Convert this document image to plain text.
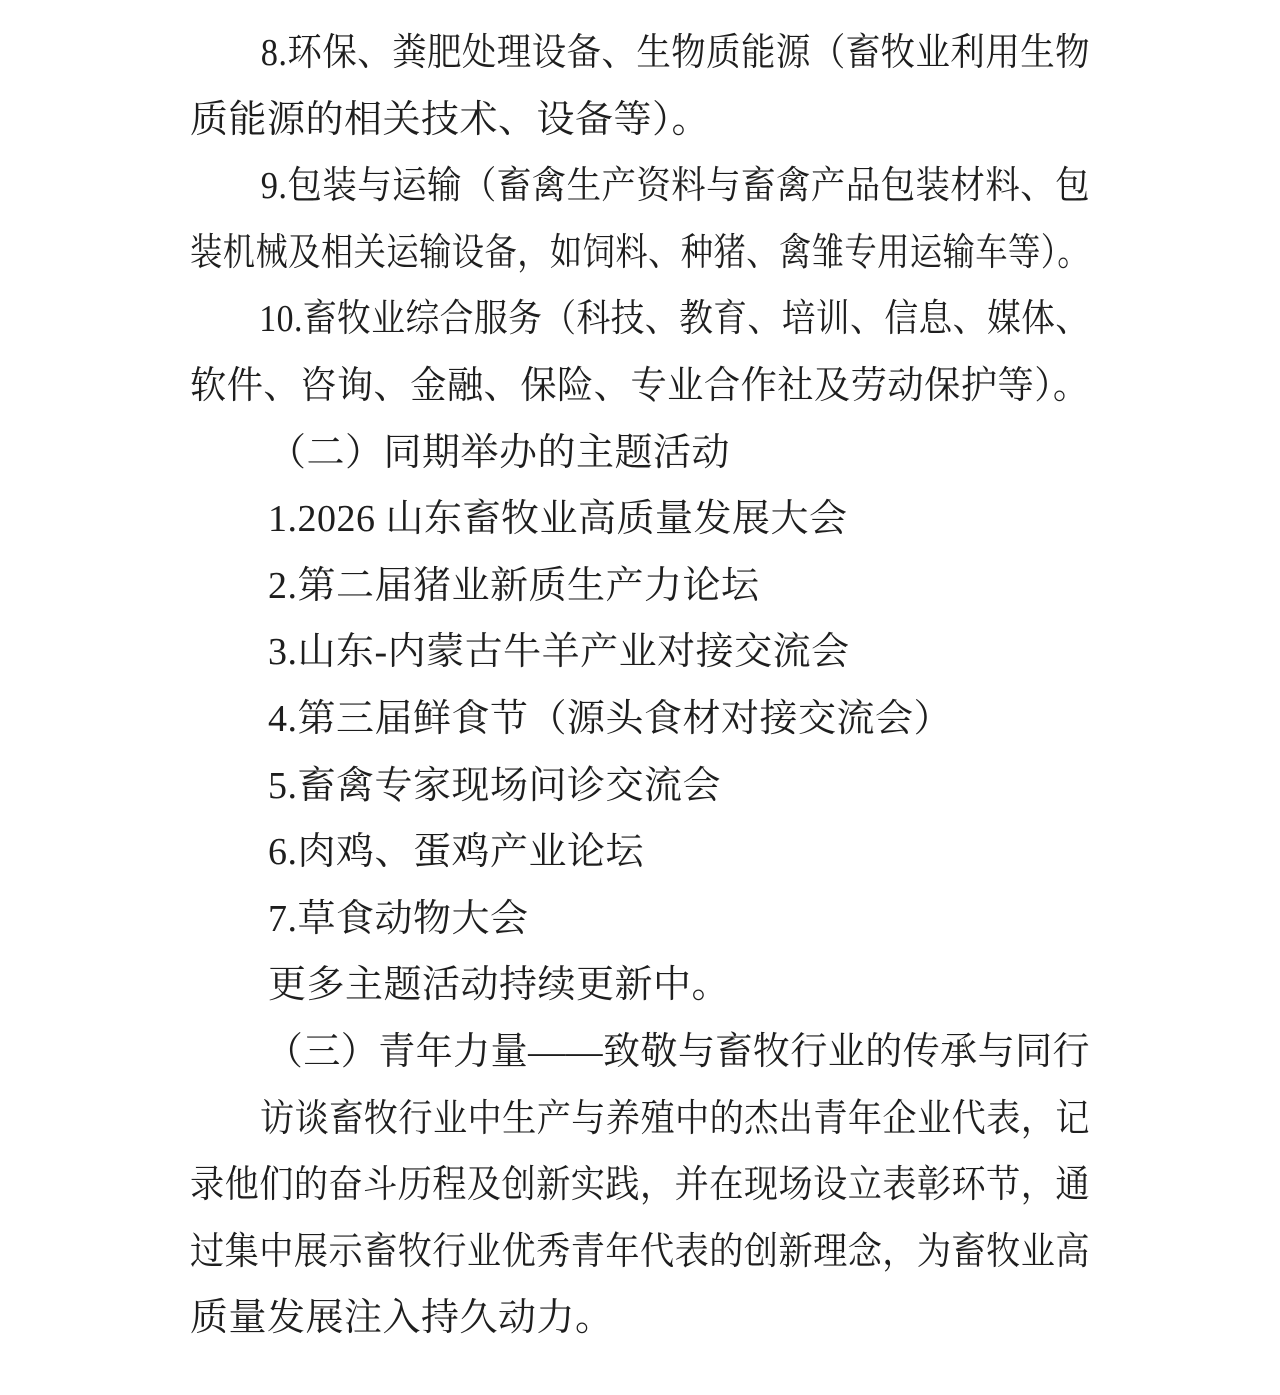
8.环保、粪肥处理设备、生物质能源（畜牧业利用生物
质能源的相关技术、设备等）。

9.包装与运输（畜禽生产资料与畜禽产品包装材料、包
装机械及相关运输设备，如饲料、种猪、禽雏专用运输车等）。

10.畜牧业综合服务（科技、教育、培训、信息、媒体、
软件、咨询、金融、保险、专业合作社及劳动保护等）。

（二）同期举办的主题活动

1.2026 山东畜牧业高质量发展大会

2.第二届猪业新质生产力论坛

3.山东-内蒙古牛羊产业对接交流会

4.第三届鲜食节（源头食材对接交流会）

5.畜禽专家现场问诊交流会

6.肉鸡、蛋鸡产业论坛

7.草食动物大会

更多主题活动持续更新中。

（三）青年力量——致敬与畜牧行业的传承与同行

访谈畜牧行业中生产与养殖中的杰出青年企业代表，记
录他们的奋斗历程及创新实践，并在现场设立表彰环节，通
过集中展示畜牧行业优秀青年代表的创新理念，为畜牧业高
质量发展注入持久动力。
